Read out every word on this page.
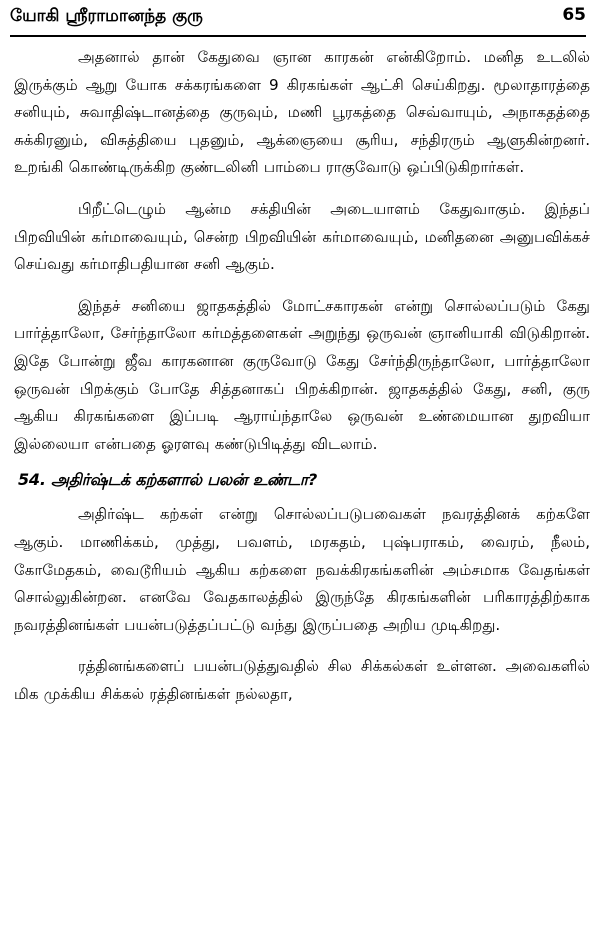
யோகி ஸ்ரீராமானந்த குரு	65

அதனால் தான் கேதுவை ஞான காரகன் என்கிறோம். மனித உடலில் இருக்கும் ஆறு யோக சக்கரங்களை 9 கிரகங்கள் ஆட்சி செய்கிறது. மூலாதாரத்தை சனியும், சுவாதிஷ்டானத்தை குருவும், மணி பூரகத்தை செவ்வாயும், அநாகதத்தை சுக்கிரனும், விசுத்தியை புதனும், ஆக்ஞையை சூரிய, சந்திரரும் ஆளுகின்றனர். உறங்கி கொண்டிருக்கிற குண்டலினி பாம்பை ராகுவோடு ஒப்பிடுகிறார்கள்.

பிறீட்டெழும் ஆன்ம சக்தியின் அடையாளம் கேதுவாகும். இந்தப் பிறவியின் கர்மாவையும், சென்ற பிறவியின் கர்மாவையும், மனிதனை அனுபவிக்கச் செய்வது கர்மாதிபதியான சனி ஆகும்.

இந்தச் சனியை ஜாதகத்தில் மோட்சகாரகன் என்று சொல்லப்படும் கேது பார்த்தாலோ, சேர்ந்தாலோ கர்மத்தளைகள் அறுந்து ஒருவன் ஞானியாகி விடுகிறான். இதே போன்று ஜீவ காரகனான குருவோடு கேது சேர்ந்திருந்தாலோ, பார்த்தாலோ ஒருவன் பிறக்கும் போதே சித்தனாகப் பிறக்கிறான். ஜாதகத்தில் கேது, சனி, குரு ஆகிய கிரகங்களை இப்படி ஆராய்ந்தாலே ஒருவன் உண்மையான துறவியா இல்லையா என்பதை ஓரளவு கண்டுபிடித்து விடலாம்.

54. அதிர்ஷ்டக் கற்களால் பலன் உண்டா?

அதிர்ஷ்ட கற்கள் என்று சொல்லப்படுபவைகள் நவரத்தினக் கற்களே ஆகும். மாணிக்கம், முத்து, பவளம், மரகதம், புஷ்பராகம், வைரம், நீலம், கோமேதகம், வைடூரியம் ஆகிய கற்களை நவக்கிரகங்களின் அம்சமாக வேதங்கள் சொல்லுகின்றன. எனவே வேதகாலத்தில் இருந்தே கிரகங்களின் பரிகாரத்திற்காக நவரத்தினங்கள் பயன்படுத்தப்பட்டு வந்து இருப்பதை அறிய முடிகிறது.

ரத்தினங்களைப் பயன்படுத்துவதில் சில சிக்கல்கள் உள்ளன. அவைகளில் மிக முக்கிய சிக்கல் ரத்தினங்கள் நல்லதா,
